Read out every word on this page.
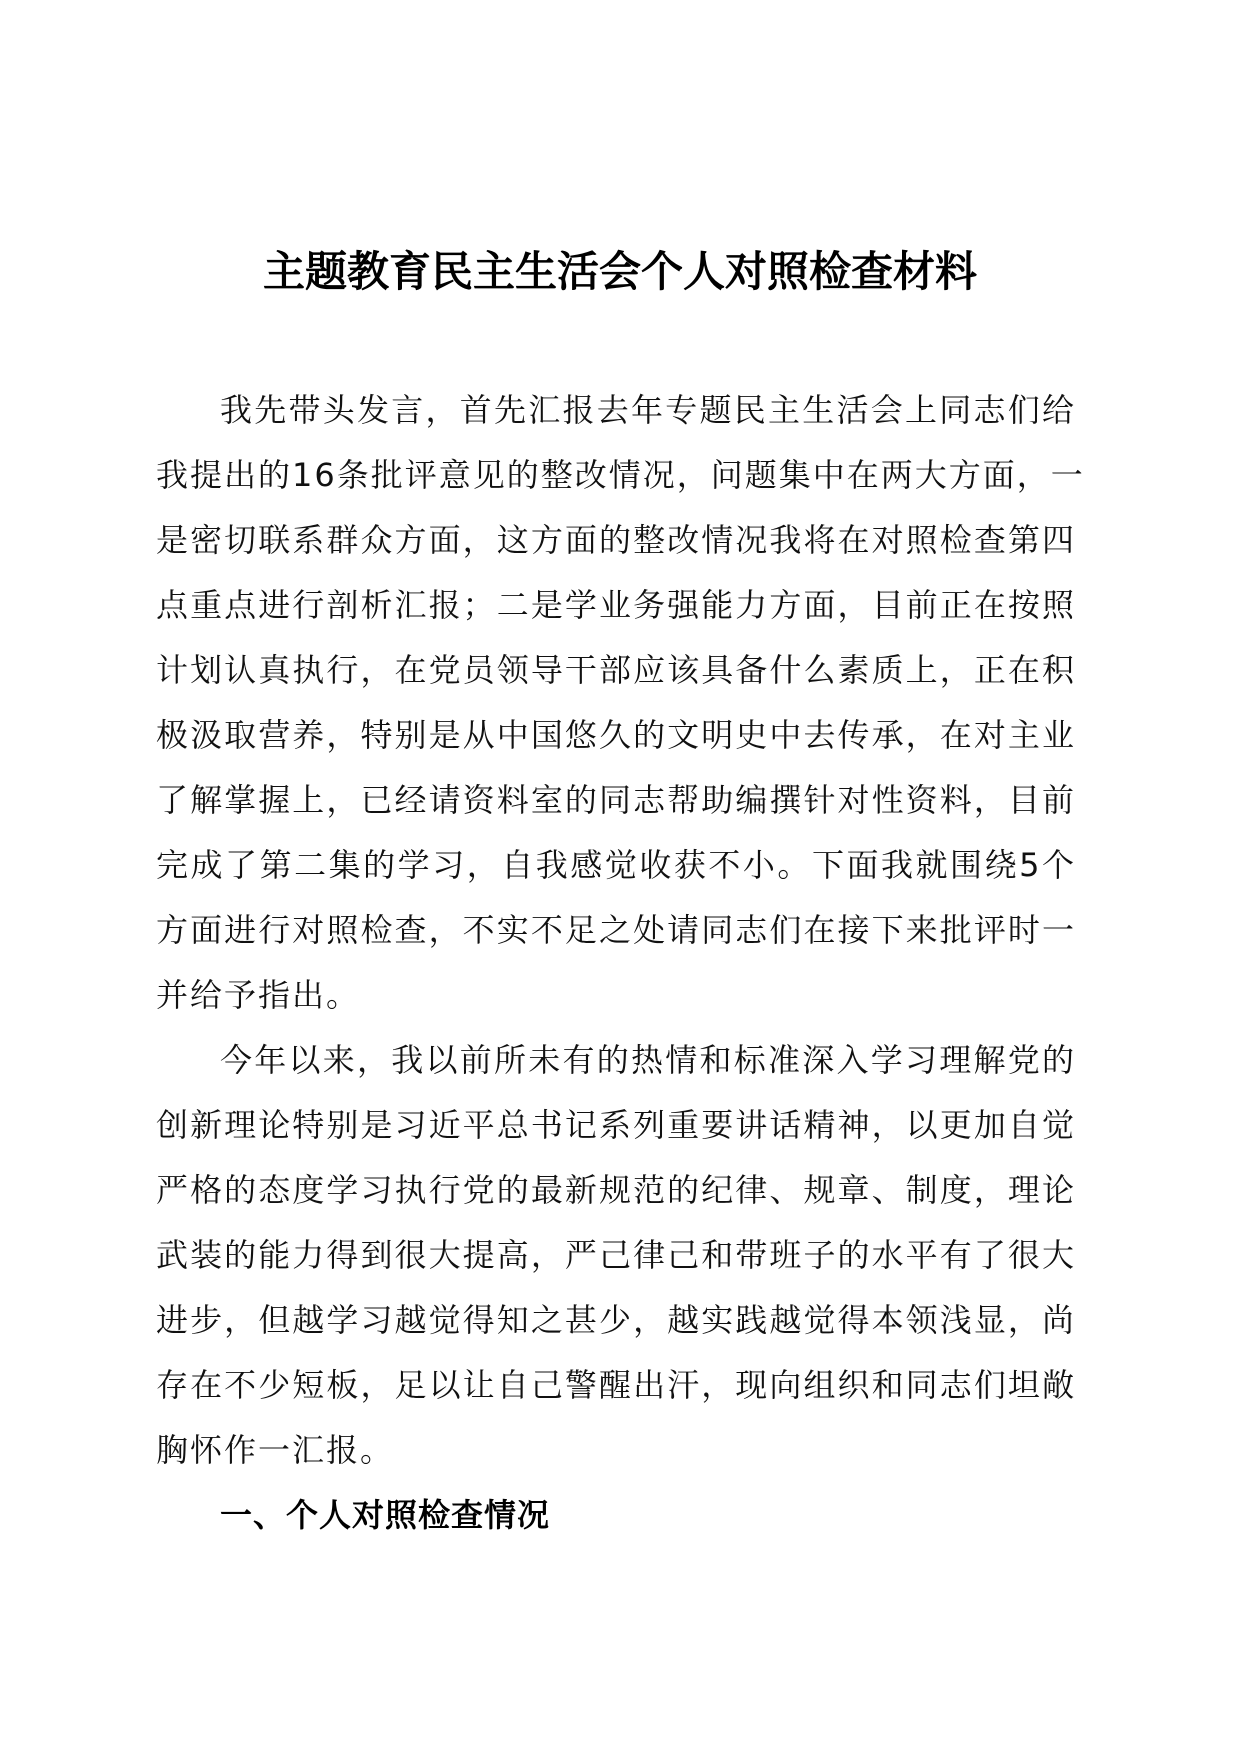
主题教育民主生活会个人对照检查材料

我先带头发言，首先汇报去年专题民主生活会上同志们给
我提出的16条批评意见的整改情况，问题集中在两大方面，一
是密切联系群众方面，这方面的整改情况我将在对照检查第四
点重点进行剖析汇报；二是学业务强能力方面，目前正在按照
计划认真执行，在党员领导干部应该具备什么素质上，正在积
极汲取营养，特别是从中国悠久的文明史中去传承，在对主业
了解掌握上，已经请资料室的同志帮助编撰针对性资料，目前
完成了第二集的学习，自我感觉收获不小。下面我就围绕5个
方面进行对照检查，不实不足之处请同志们在接下来批评时一
并给予指出。

今年以来，我以前所未有的热情和标准深入学习理解党的
创新理论特别是习近平总书记系列重要讲话精神，以更加自觉
严格的态度学习执行党的最新规范的纪律、规章、制度，理论
武装的能力得到很大提高，严己律己和带班子的水平有了很大
进步，但越学习越觉得知之甚少，越实践越觉得本领浅显，尚
存在不少短板，足以让自己警醒出汗，现向组织和同志们坦敞
胸怀作一汇报。

一、个人对照检查情况
